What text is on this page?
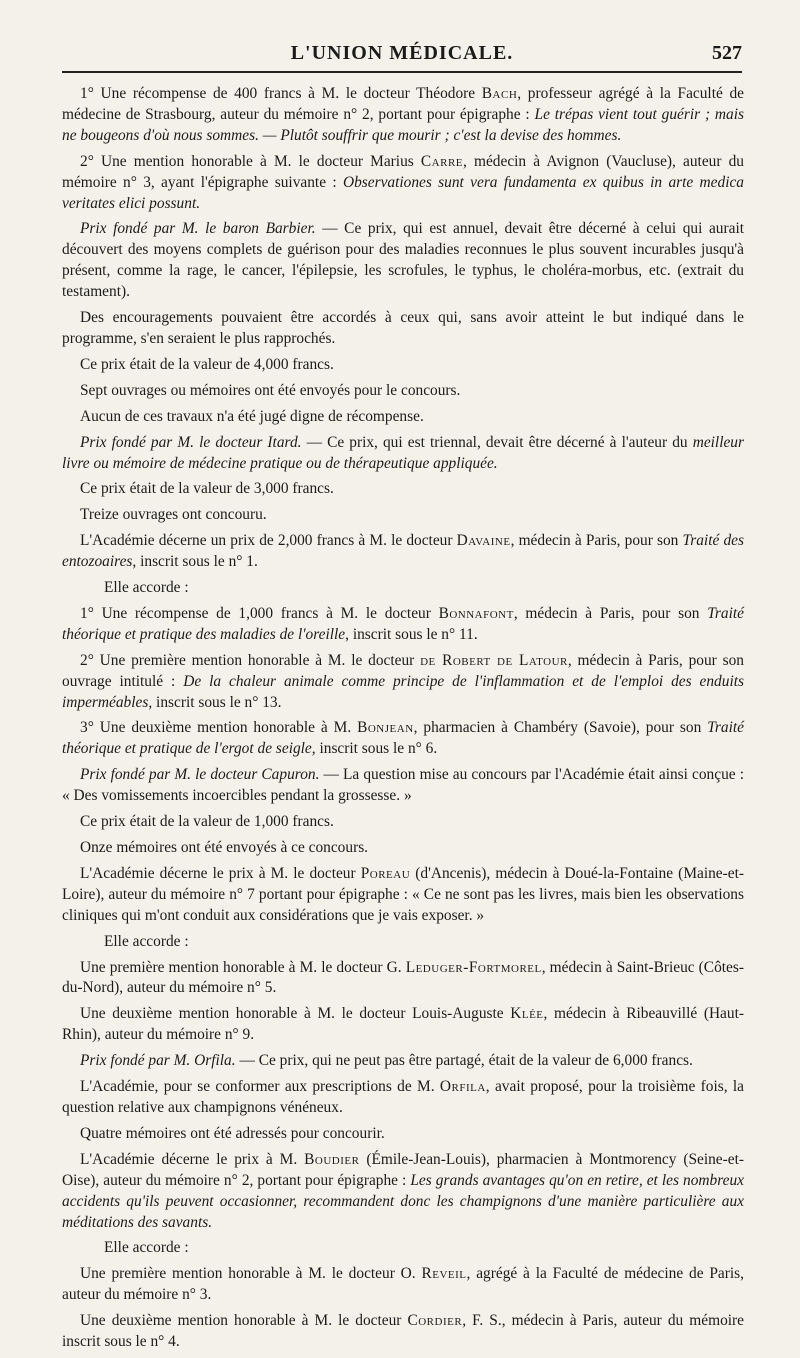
L'UNION MÉDICALE.	527

1° Une récompense de 400 francs à M. le docteur Théodore Bach, professeur agrégé à la Faculté de médecine de Strasbourg, auteur du mémoire n° 2, portant pour épigraphe : Le trépas vient tout guérir ; mais ne bougeons d'où nous sommes. — Plutôt souffrir que mourir ; c'est la devise des hommes.

2° Une mention honorable à M. le docteur Marius Carre, médecin à Avignon (Vaucluse), auteur du mémoire n° 3, ayant l'épigraphe suivante : Observationes sunt vera fundamenta ex quibus in arte medica veritates elici possunt.

Prix fondé par M. le baron Barbier. — Ce prix, qui est annuel, devait être décerné à celui qui aurait découvert des moyens complets de guérison pour des maladies reconnues le plus souvent incurables jusqu'à présent, comme la rage, le cancer, l'épilepsie, les scrofules, le typhus, le choléra-morbus, etc. (extrait du testament).

Des encouragements pouvaient être accordés à ceux qui, sans avoir atteint le but indiqué dans le programme, s'en seraient le plus rapprochés.

Ce prix était de la valeur de 4,000 francs.

Sept ouvrages ou mémoires ont été envoyés pour le concours.

Aucun de ces travaux n'a été jugé digne de récompense.

Prix fondé par M. le docteur Itard. — Ce prix, qui est triennal, devait être décerné à l'auteur du meilleur livre ou mémoire de médecine pratique ou de thérapeutique appliquée.

Ce prix était de la valeur de 3,000 francs.

Treize ouvrages ont concouru.

L'Académie décerne un prix de 2,000 francs à M. le docteur Davaine, médecin à Paris, pour son Traité des entozoaires, inscrit sous le n° 1.

Elle accorde :

1° Une récompense de 1,000 francs à M. le docteur Bonnafont, médecin à Paris, pour son Traité théorique et pratique des maladies de l'oreille, inscrit sous le n° 11.

2° Une première mention honorable à M. le docteur de Robert de Latour, médecin à Paris, pour son ouvrage intitulé : De la chaleur animale comme principe de l'inflammation et de l'emploi des enduits imperméables, inscrit sous le n° 13.

3° Une deuxième mention honorable à M. Bonjean, pharmacien à Chambéry (Savoie), pour son Traité théorique et pratique de l'ergot de seigle, inscrit sous le n° 6.

Prix fondé par M. le docteur Capuron. — La question mise au concours par l'Académie était ainsi conçue : « Des vomissements incoercibles pendant la grossesse. »

Ce prix était de la valeur de 1,000 francs.

Onze mémoires ont été envoyés à ce concours.

L'Académie décerne le prix à M. le docteur Poreau (d'Ancenis), médecin à Doué-la-Fontaine (Maine-et-Loire), auteur du mémoire n° 7 portant pour épigraphe : « Ce ne sont pas les livres, mais bien les observations cliniques qui m'ont conduit aux considérations que je vais exposer. »

Elle accorde :

Une première mention honorable à M. le docteur G. Leduger-Fortmorel, médecin à Saint-Brieuc (Côtes-du-Nord), auteur du mémoire n° 5.

Une deuxième mention honorable à M. le docteur Louis-Auguste Klée, médecin à Ribeauvillé (Haut-Rhin), auteur du mémoire n° 9.

Prix fondé par M. Orfila. — Ce prix, qui ne peut pas être partagé, était de la valeur de 6,000 francs.

L'Académie, pour se conformer aux prescriptions de M. Orfila, avait proposé, pour la troisième fois, la question relative aux champignons vénéneux.

Quatre mémoires ont été adressés pour concourir.

L'Académie décerne le prix à M. Boudier (Émile-Jean-Louis), pharmacien à Montmorency (Seine-et-Oise), auteur du mémoire n° 2, portant pour épigraphe : Les grands avantages qu'on en retire, et les nombreux accidents qu'ils peuvent occasionner, recommandent donc les champignons d'une manière particulière aux méditations des savants.

Elle accorde :

Une première mention honorable à M. le docteur O. Reveil, agrégé à la Faculté de médecine de Paris, auteur du mémoire n° 3.

Une deuxième mention honorable à M. le docteur Cordier, F. S., médecin à Paris, auteur du mémoire inscrit sous le n° 4.
